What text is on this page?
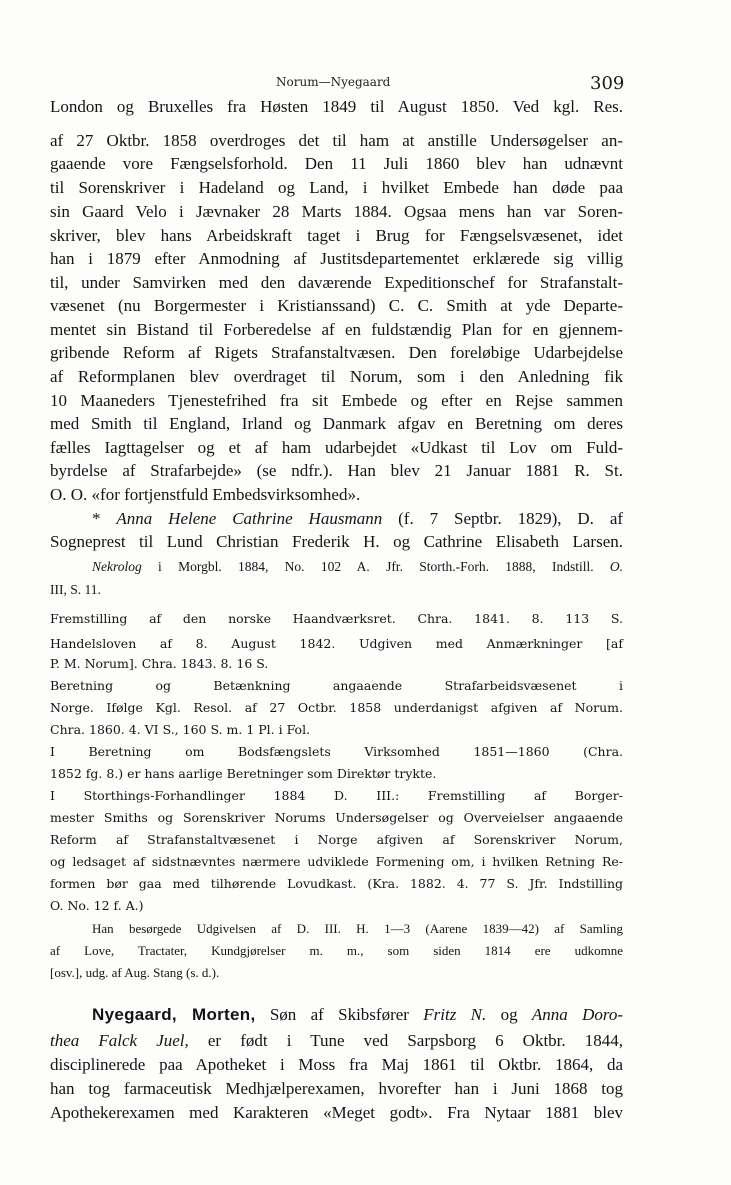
Norum—Nyegaard	309
London og Bruxelles fra Høsten 1849 til August 1850. Ved kgl. Res.
af 27 Oktbr. 1858 overdroges det til ham at anstille Undersøgelser an-
gaaende vore Fængselsforhold. Den 11 Juli 1860 blev han udnævnt
til Sorenskriver i Hadeland og Land, i hvilket Embede han døde paa
sin Gaard Velo i Jævnaker 28 Marts 1884. Ogsaa mens han var Soren-
skriver, blev hans Arbeidskraft taget i Brug for Fængselsvæsenet, idet
han i 1879 efter Anmodning af Justitsdepartementet erklærede sig villig
til, under Samvirken med den daværende Expeditionschef for Strafanstalt-
væsenet (nu Borgermester i Kristianssand) C. C. Smith at yde Departe-
mentet sin Bistand til Forberedelse af en fuldstændig Plan for en gjennem-
gribende Reform af Rigets Strafanstaltvæsen. Den foreløbige Udarbejdelse
af Reformplanen blev overdraget til Norum, som i den Anledning fik
10 Maaneders Tjenestefrihed fra sit Embede og efter en Rejse sammen
med Smith til England, Irland og Danmark afgav en Beretning om deres
fælles Iagttagelser og et af ham udarbejdet «Udkast til Lov om Fuld-
byrdelse af Strafarbejde» (se ndfr.). Han blev 21 Januar 1881 R. St.
O. O. «for fortjenstfuld Embedsvirksomhed».
* Anna Helene Cathrine Hausmann (f. 7 Septbr. 1829), D. af
Sogneprest til Lund Christian Frederik H. og Cathrine Elisabeth Larsen.
Nekrolog i Morgbl. 1884, No. 102 A. Jfr. Storth.-Forh. 1888, Indstill. O.
III, S. 11.
Fremstilling af den norske Haandværksret. Chra. 1841. 8. 113 S.
Handelsloven af 8. August 1842. Udgiven med Anmærkninger [af
P. M. Norum]. Chra. 1843. 8. 16 S.
Beretning og Betænkning angaaende Strafarbeidsvæsenet i
Norge. Ifølge Kgl. Resol. af 27 Octbr. 1858 underdanigst afgiven af Norum.
Chra. 1860. 4. VI S., 160 S. m. 1 Pl. i Fol.
I Beretning om Bodsfængslets Virksomhed 1851—1860 (Chra.
1852 fg. 8.) er hans aarlige Beretninger som Direktør trykte.
I Storthings-Forhandlinger 1884 D. III.: Fremstilling af Borger-
mester Smiths og Sorenskriver Norums Undersøgelser og Overveielser angaaende
Reform af Strafanstaltvæsenet i Norge afgiven af Sorenskriver Norum,
og ledsaget af sidstnævntes nærmere udviklede Formening om, i hvilken Retning Re-
formen bør gaa med tilhørende Lovudkast. (Kra. 1882. 4. 77 S. Jfr. Indstilling
O. No. 12 f. A.)
Han besørgede Udgivelsen af D. III. H. 1—3 (Aarene 1839—42) af Samling
af Love, Tractater, Kundgjørelser m. m., som siden 1814 ere udkomne
[osv.], udg. af Aug. Stang (s. d.).
Nyegaard, Morten, Søn af Skibsfører Fritz N. og Anna Doro-
thea Falck Juel, er født i Tune ved Sarpsborg 6 Oktbr. 1844,
disciplinerede paa Apotheket i Moss fra Maj 1861 til Oktbr. 1864, da
han tog farmaceutisk Medhjælperexamen, hvorefter han i Juni 1868 tog
Apothekerexamen med Karakteren «Meget godt». Fra Nytaar 1881 blev
